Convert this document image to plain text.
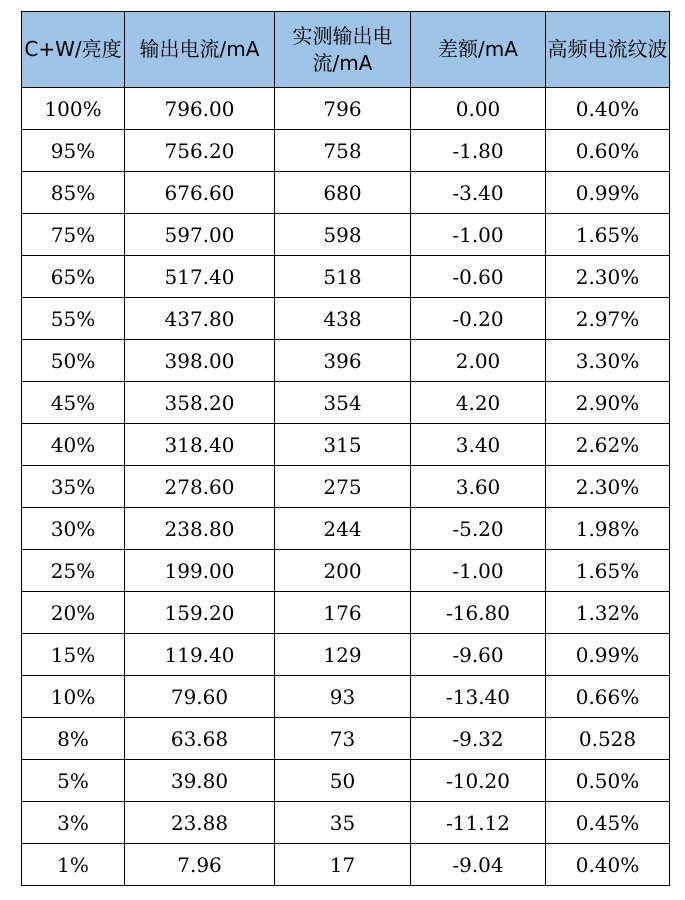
C+W/亮度	输出电流/mA	实测输出电流/mA	差额/mA	高频电流纹波
100%	796.00	796	0.00	0.40%
95%	756.20	758	-1.80	0.60%
85%	676.60	680	-3.40	0.99%
75%	597.00	598	-1.00	1.65%
65%	517.40	518	-0.60	2.30%
55%	437.80	438	-0.20	2.97%
50%	398.00	396	2.00	3.30%
45%	358.20	354	4.20	2.90%
40%	318.40	315	3.40	2.62%
35%	278.60	275	3.60	2.30%
30%	238.80	244	-5.20	1.98%
25%	199.00	200	-1.00	1.65%
20%	159.20	176	-16.80	1.32%
15%	119.40	129	-9.60	0.99%
10%	79.60	93	-13.40	0.66%
8%	63.68	73	-9.32	0.528
5%	39.80	50	-10.20	0.50%
3%	23.88	35	-11.12	0.45%
1%	7.96	17	-9.04	0.40%
